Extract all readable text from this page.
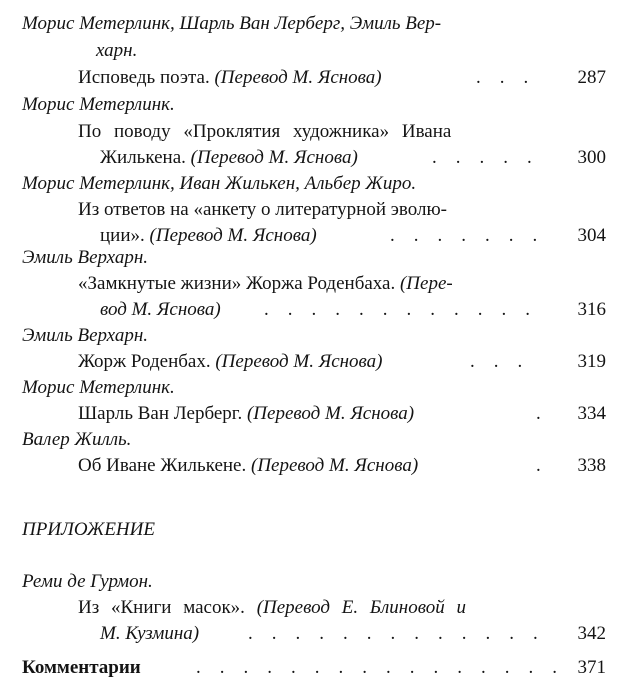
Морис Метерлинк, Шарль Ван Лерберг, Эмиль Вер-
харн.
Исповедь поэта. (Перевод М. Яснова)	.    .    .	287
Морис Метерлинк.
По поводу «Проклятия художника» Ивана
Жилькена. (Перевод М. Яснова)	.    .    .    .    .	300
Морис Метерлинк, Иван Жилькен, Альбер Жиро.
Из ответов на «анкету о литературной эволю-
ции». (Перевод М. Яснова)	.    .    .    .    .    .    .	304
Эмиль Верхарн.
«Замкнутые жизни» Жоржа Роденбаха. (Пере-
вод М. Яснова) .    .    .    .    .    .    .    .    .    .    .    .	316
Эмиль Верхарн.
Жорж Роденбах. (Перевод М. Яснова)	.    .    .	319
Морис Метерлинк.
Шарль Ван Лерберг. (Перевод М. Яснова)	.	334
Валер Жилль.
Об Иване Жилькене. (Перевод М. Яснова)	.	338
ПРИЛОЖЕНИЕ
Реми де Гурмон.
Из «Книги масок». (Перевод Е. Блиновой и
М. Кузмина)	.    .    .    .    .    .    .    .    .    .    .    .    .	342
Комментарии	.    .    .    .    .    .    .    .    .    .    .    .    .    .    .    .	371
